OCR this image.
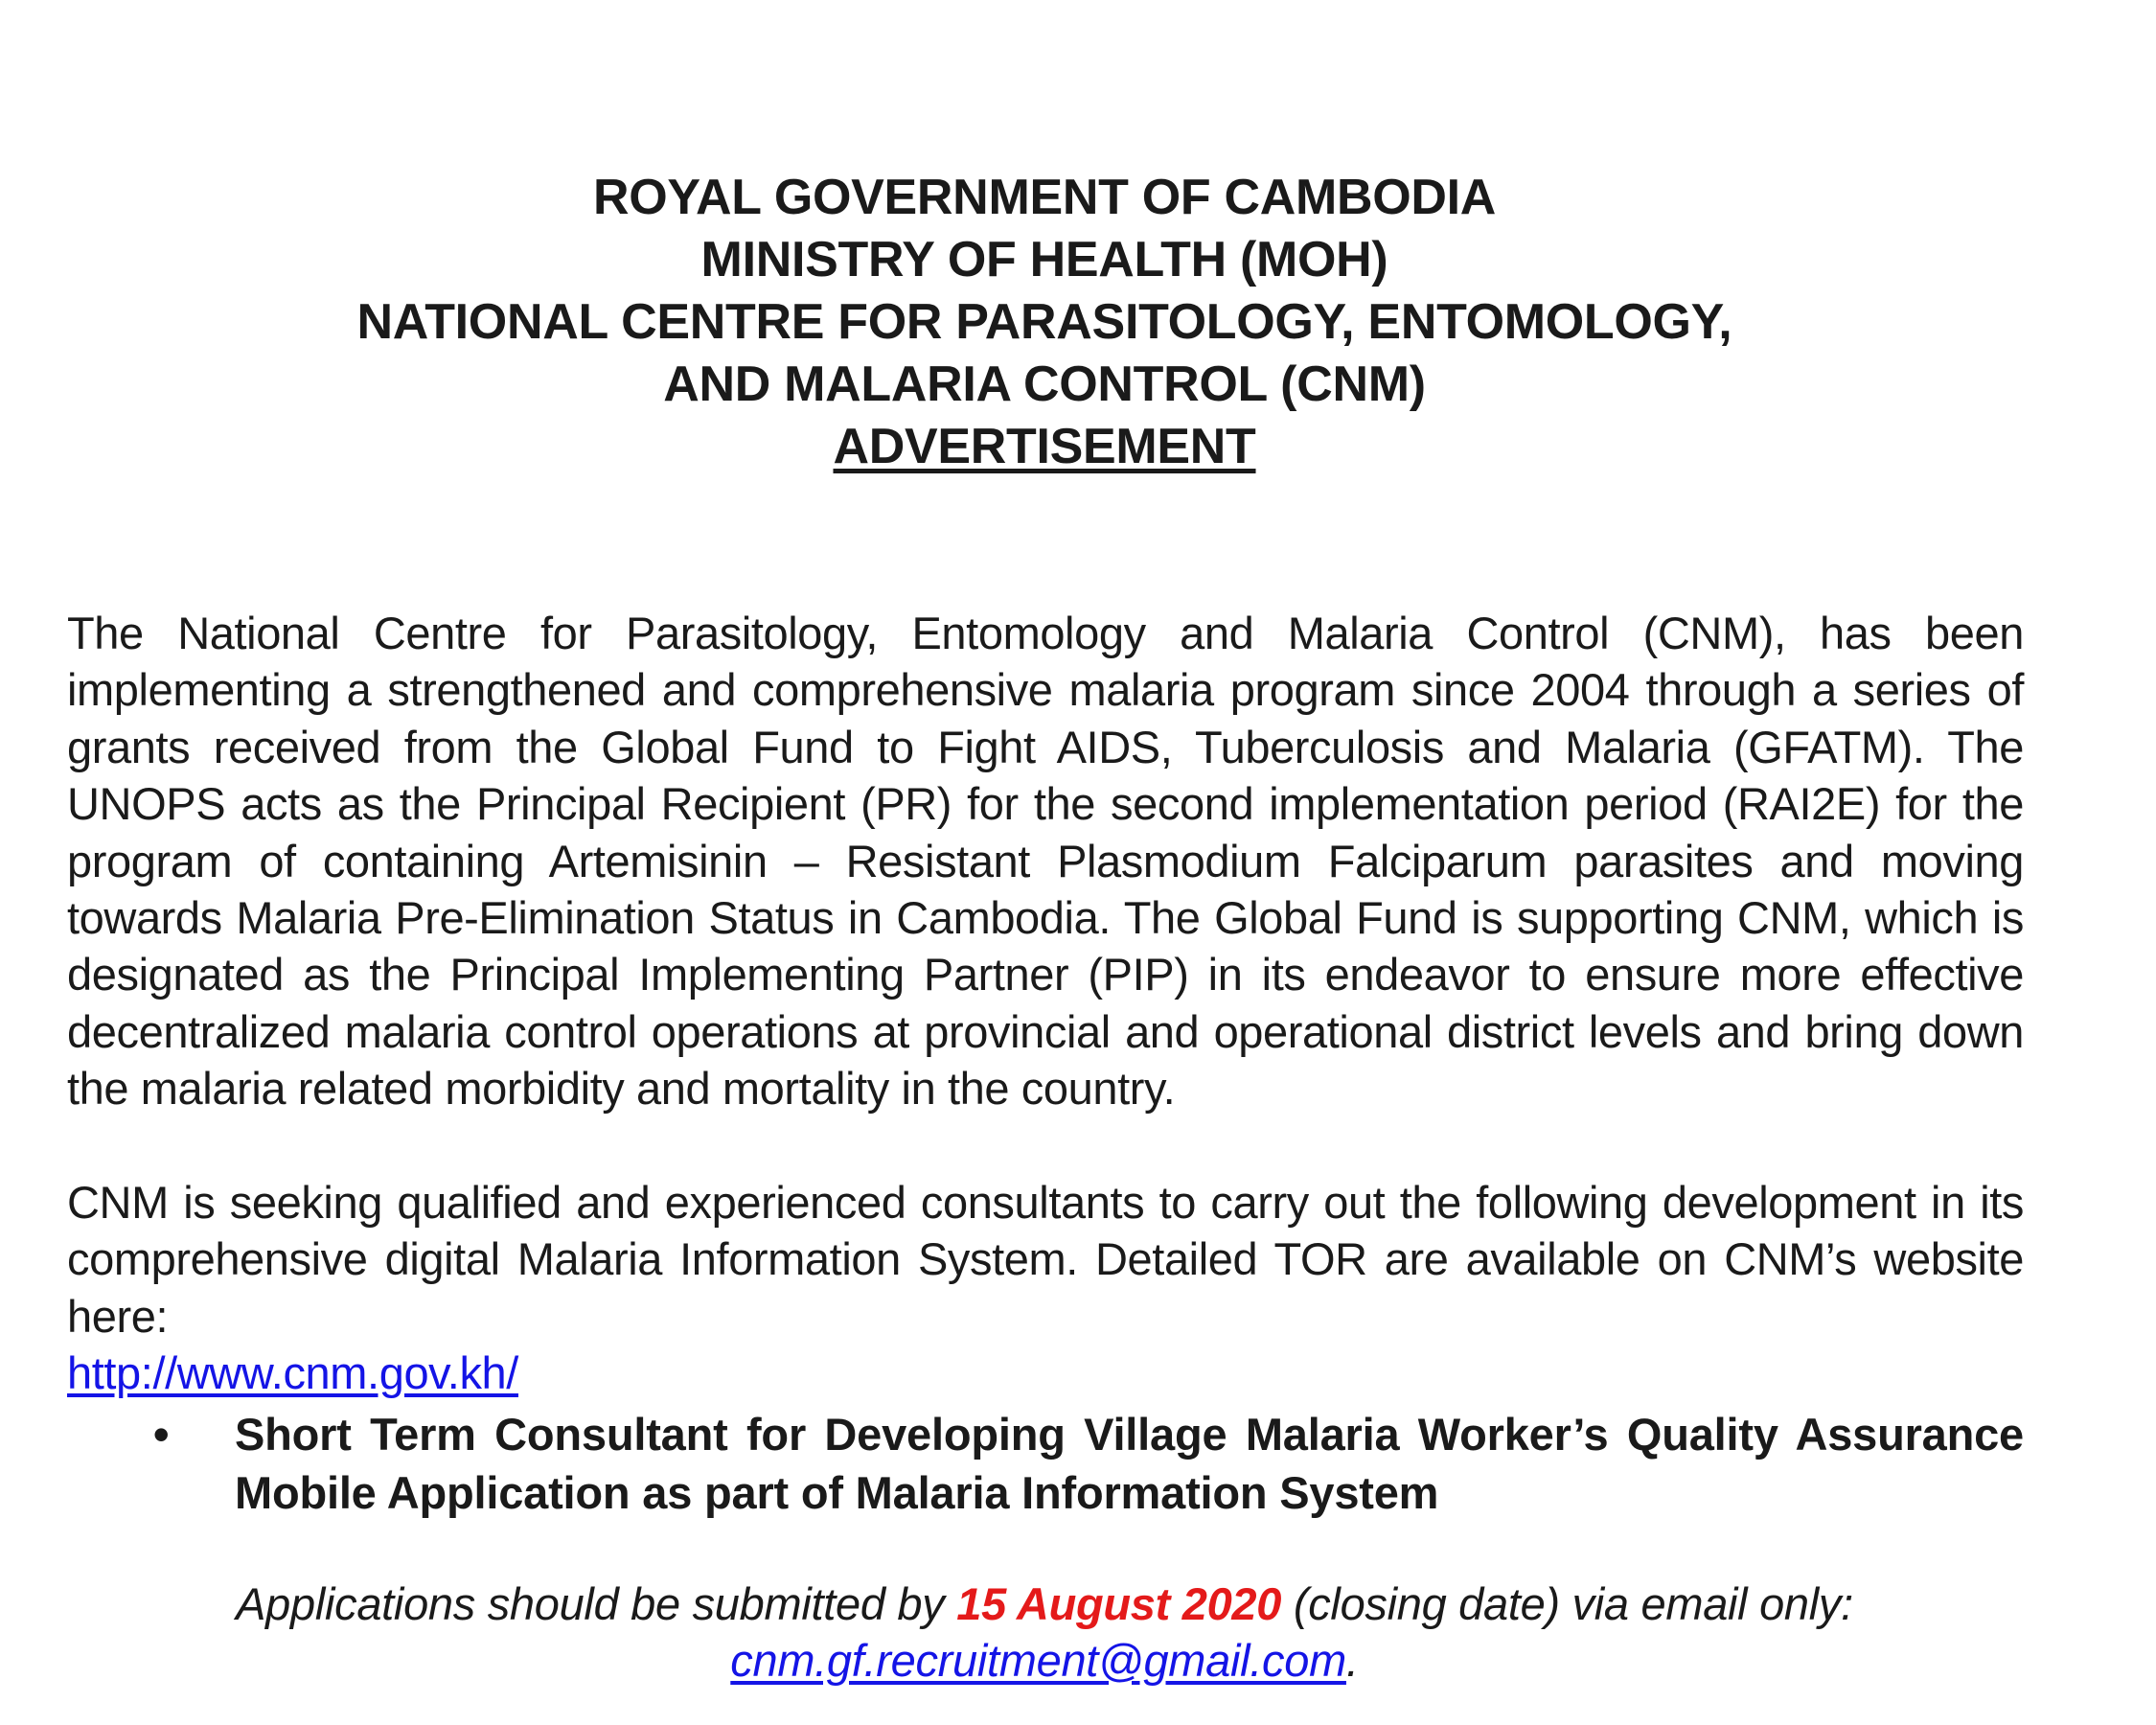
ROYAL GOVERNMENT OF CAMBODIA
MINISTRY OF HEALTH (MOH)
NATIONAL CENTRE FOR PARASITOLOGY, ENTOMOLOGY,
AND MALARIA CONTROL (CNM)
ADVERTISEMENT
The National Centre for Parasitology, Entomology and Malaria Control (CNM), has been implementing a strengthened and comprehensive malaria program since 2004 through a series of grants received from the Global Fund to Fight AIDS, Tuberculosis and Malaria (GFATM). The UNOPS acts as the Principal Recipient (PR) for the second implementation period (RAI2E) for the program of containing Artemisinin – Resistant Plasmodium Falciparum parasites and moving towards Malaria Pre-Elimination Status in Cambodia. The Global Fund is supporting CNM, which is designated as the Principal Implementing Partner (PIP) in its endeavor to ensure more effective decentralized malaria control operations at provincial and operational district levels and bring down the malaria related morbidity and mortality in the country.
CNM is seeking qualified and experienced consultants to carry out the following development in its comprehensive digital Malaria Information System. Detailed TOR are available on CNM’s website here:
http://www.cnm.gov.kh/
•	Short Term Consultant for Developing Village Malaria Worker’s Quality Assurance Mobile Application as part of Malaria Information System
Applications should be submitted by 15 August 2020 (closing date) via email only:
cnm.gf.recruitment@gmail.com.
